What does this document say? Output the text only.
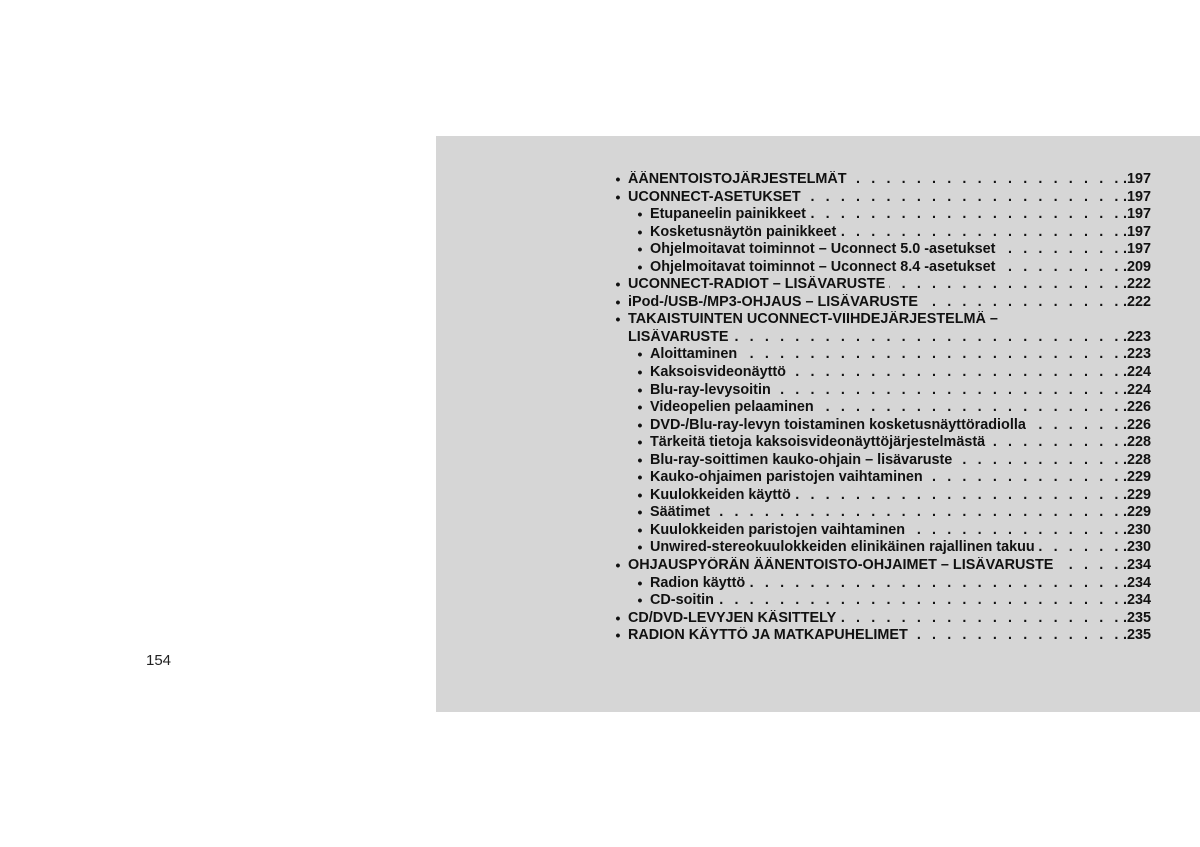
154
• ÄÄNENTOISTOJÄRJESTELMÄT . . .	.197
• UCONNECT-ASETUKSET . . .	.197
• Etupaneelin painikkeet . . .	.197
• Kosketusnäytön painikkeet . . .	.197
• Ohjelmoitavat toiminnot – Uconnect 5.0 -asetukset . . .	.197
• Ohjelmoitavat toiminnot – Uconnect 8.4 -asetukset . . .	.209
• UCONNECT-RADIOT – LISÄVARUSTE . . .	.222
• iPod-/USB-/MP3-OHJAUS – LISÄVARUSTE . . .	.222
• TAKAISTUINTEN UCONNECT-VIIHDEJÄRJESTELMÄ –
LISÄVARUSTE . . .	.223
• Aloittaminen . . .	.223
• Kaksoisvideonäyttö . . .	.224
• Blu-ray-levysoitin . . .	.224
• Videopelien pelaaminen . . .	.226
• DVD-/Blu-ray-levyn toistaminen kosketusnäyttöradiolla . . .	.226
• Tärkeitä tietoja kaksoisvideonäyttöjärjestelmästä . . .	.228
• Blu-ray-soittimen kauko-ohjain – lisävaruste . . .	.228
• Kauko-ohjaimen paristojen vaihtaminen . . .	.229
• Kuulokkeiden käyttö . . .	.229
• Säätimet . . .	.229
• Kuulokkeiden paristojen vaihtaminen . . .	.230
• Unwired-stereokuulokkeiden elinikäinen rajallinen takuu . . .	.230
• OHJAUSPYÖRÄN ÄÄNENTOISTO-OHJAIMET – LISÄVARUSTE . . .	.234
• Radion käyttö . . .	.234
• CD-soitin . . .	.234
• CD/DVD-LEVYJEN KÄSITTELY . . .	.235
• RADION KÄYTTÖ JA MATKAPUHELIMET . . .	.235
